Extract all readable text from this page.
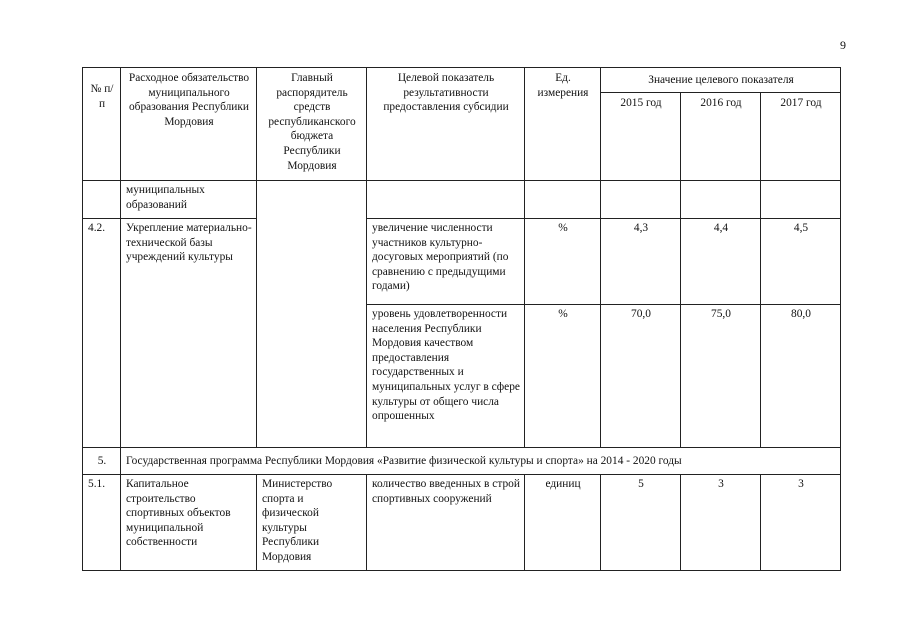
9
№ п/п	Расходное обязательство муниципального образования Республики Мордовия	Главный распорядитель средств республиканского бюджета Республики Мордовия	Целевой показатель результативности предоставления субсидии	Ед. измерения	Значение целевого показателя		
					2015 год	2016 год	2017 год
	муниципальных образований						
4.2.	Укрепление материально-технической базы учреждений культуры		увеличение численности участников культурно-досуговых мероприятий (по сравнению с предыдущими годами)	%	4,3	4,4	4,5
			уровень удовлетворенности населения Республики Мордовия качеством предоставления государственных и муниципальных услуг в сфере культуры от общего числа опрошенных	%	70,0	75,0	80,0
5.	Государственная программа Республики Мордовия «Развитие физической культуры и спорта» на 2014 - 2020 годы						
5.1.	Капитальное строительство спортивных объектов муниципальной собственности	Министерство спорта и физической культуры Республики Мордовия	количество введенных в строй спортивных сооружений	единиц	5	3	3
